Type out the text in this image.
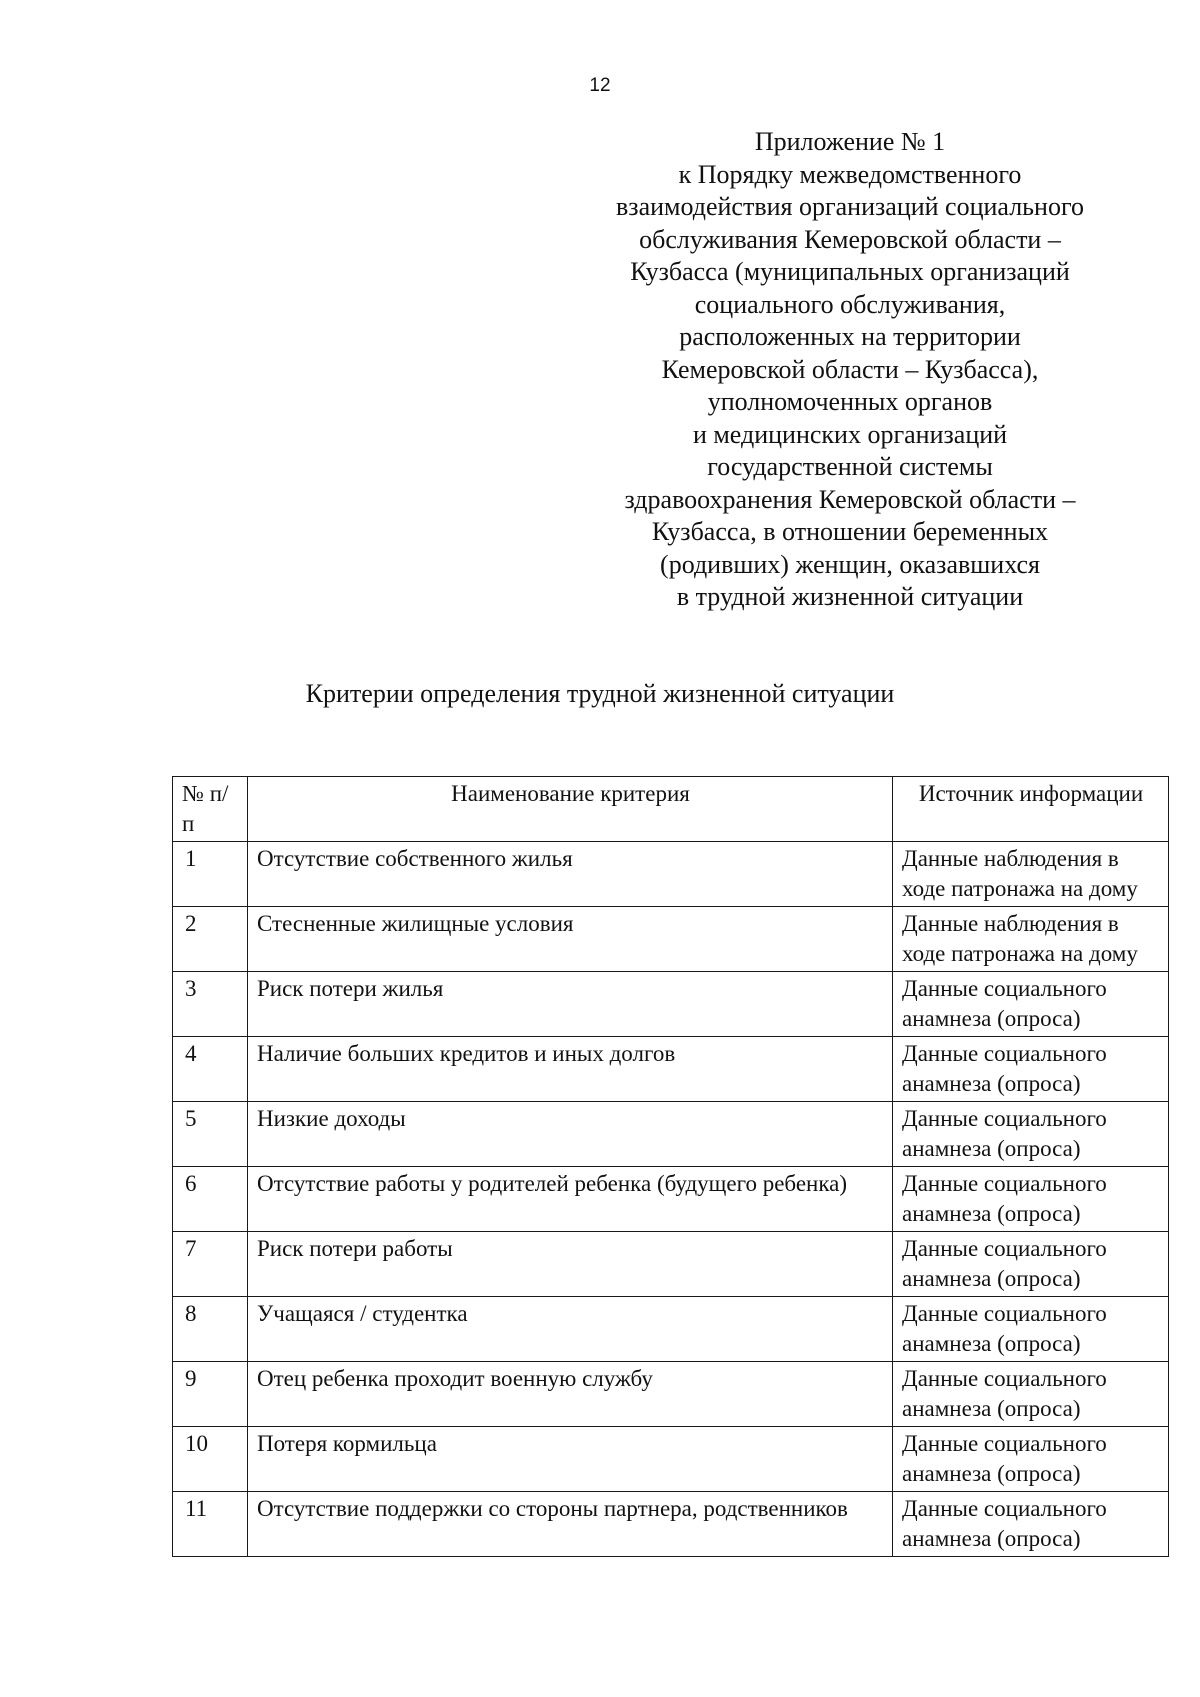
12
Приложение № 1
к Порядку межведомственного
взаимодействия организаций социального
обслуживания Кемеровской области –
Кузбасса (муниципальных организаций
социального обслуживания,
расположенных на территории
Кемеровской области – Кузбасса),
уполномоченных органов
и медицинских организаций
государственной системы
здравоохранения Кемеровской области –
Кузбасса, в отношении беременных
(родивших) женщин, оказавшихся
в трудной жизненной ситуации
Критерии определения трудной жизненной ситуации
№ п/п	Наименование критерия	Источник информации
1	Отсутствие собственного жилья	Данные наблюдения в ходе патронажа на дому
2	Стесненные жилищные условия	Данные наблюдения в ходе патронажа на дому
3	Риск потери жилья	Данные социального анамнеза (опроса)
4	Наличие больших кредитов и иных долгов	Данные социального анамнеза (опроса)
5	Низкие доходы	Данные социального анамнеза (опроса)
6	Отсутствие работы у родителей ребенка (будущего ребенка)	Данные социального анамнеза (опроса)
7	Риск потери работы	Данные социального анамнеза (опроса)
8	Учащаяся / студентка	Данные социального анамнеза (опроса)
9	Отец ребенка проходит военную службу	Данные социального анамнеза (опроса)
10	Потеря кормильца	Данные социального анамнеза (опроса)
11	Отсутствие поддержки со стороны партнера, родственников	Данные социального анамнеза (опроса)
